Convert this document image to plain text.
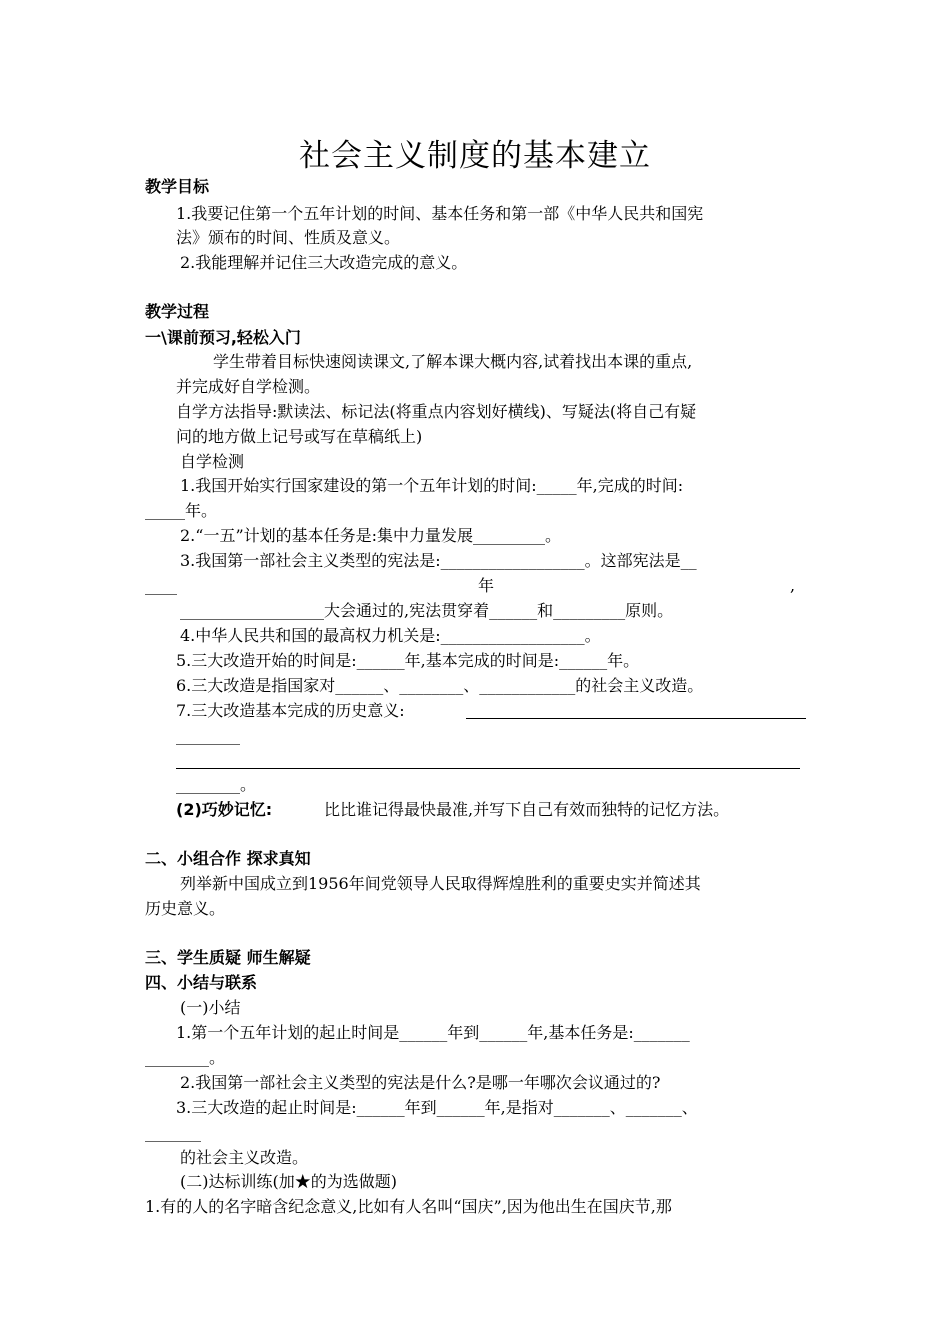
社会主义制度的基本建立
教学目标
1.我要记住第一个五年计划的时间、基本任务和第一部《中华人民共和国宪
法》颁布的时间、性质及意义。
2.我能理解并记住三大改造完成的意义。
教学过程
一\课前预习,轻松入门
学生带着目标快速阅读课文,了解本课大概内容,试着找出本课的重点,
并完成好自学检测。
自学方法指导:默读法、标记法(将重点内容划好横线)、写疑法(将自己有疑
问的地方做上记号或写在草稿纸上)
自学检测
1.我国开始实行国家建设的第一个五年计划的时间:_____年,完成的时间:
_____年。
2.“一五”计划的基本任务是:集中力量发展_________。
3.我国第一部社会主义类型的宪法是:__________________。这部宪法是__
____	年	,
__________________大会通过的,宪法贯穿着______和_________原则。
4.中华人民共和国的最高权力机关是:__________________。
5.三大改造开始的时间是:______年,基本完成的时间是:______年。
6.三大改造是指国家对______、________、____________的社会主义改造。
7.三大改造基本完成的历史意义:
________
________。
(2)巧妙记忆:	比比谁记得最快最准,并写下自己有效而独特的记忆方法。
二、小组合作 探求真知
列举新中国成立到1956年间党领导人民取得辉煌胜利的重要史实并简述其
历史意义。
三、学生质疑 师生解疑
四、小结与联系
(一)小结
1.第一个五年计划的起止时间是______年到______年,基本任务是:_______
________。
2.我国第一部社会主义类型的宪法是什么?是哪一年哪次会议通过的?
3.三大改造的起止时间是:______年到______年,是指对_______、_______、
_______
的社会主义改造。
(二)达标训练(加★的为选做题)
1.有的人的名字暗含纪念意义,比如有人名叫“国庆”,因为他出生在国庆节,那
